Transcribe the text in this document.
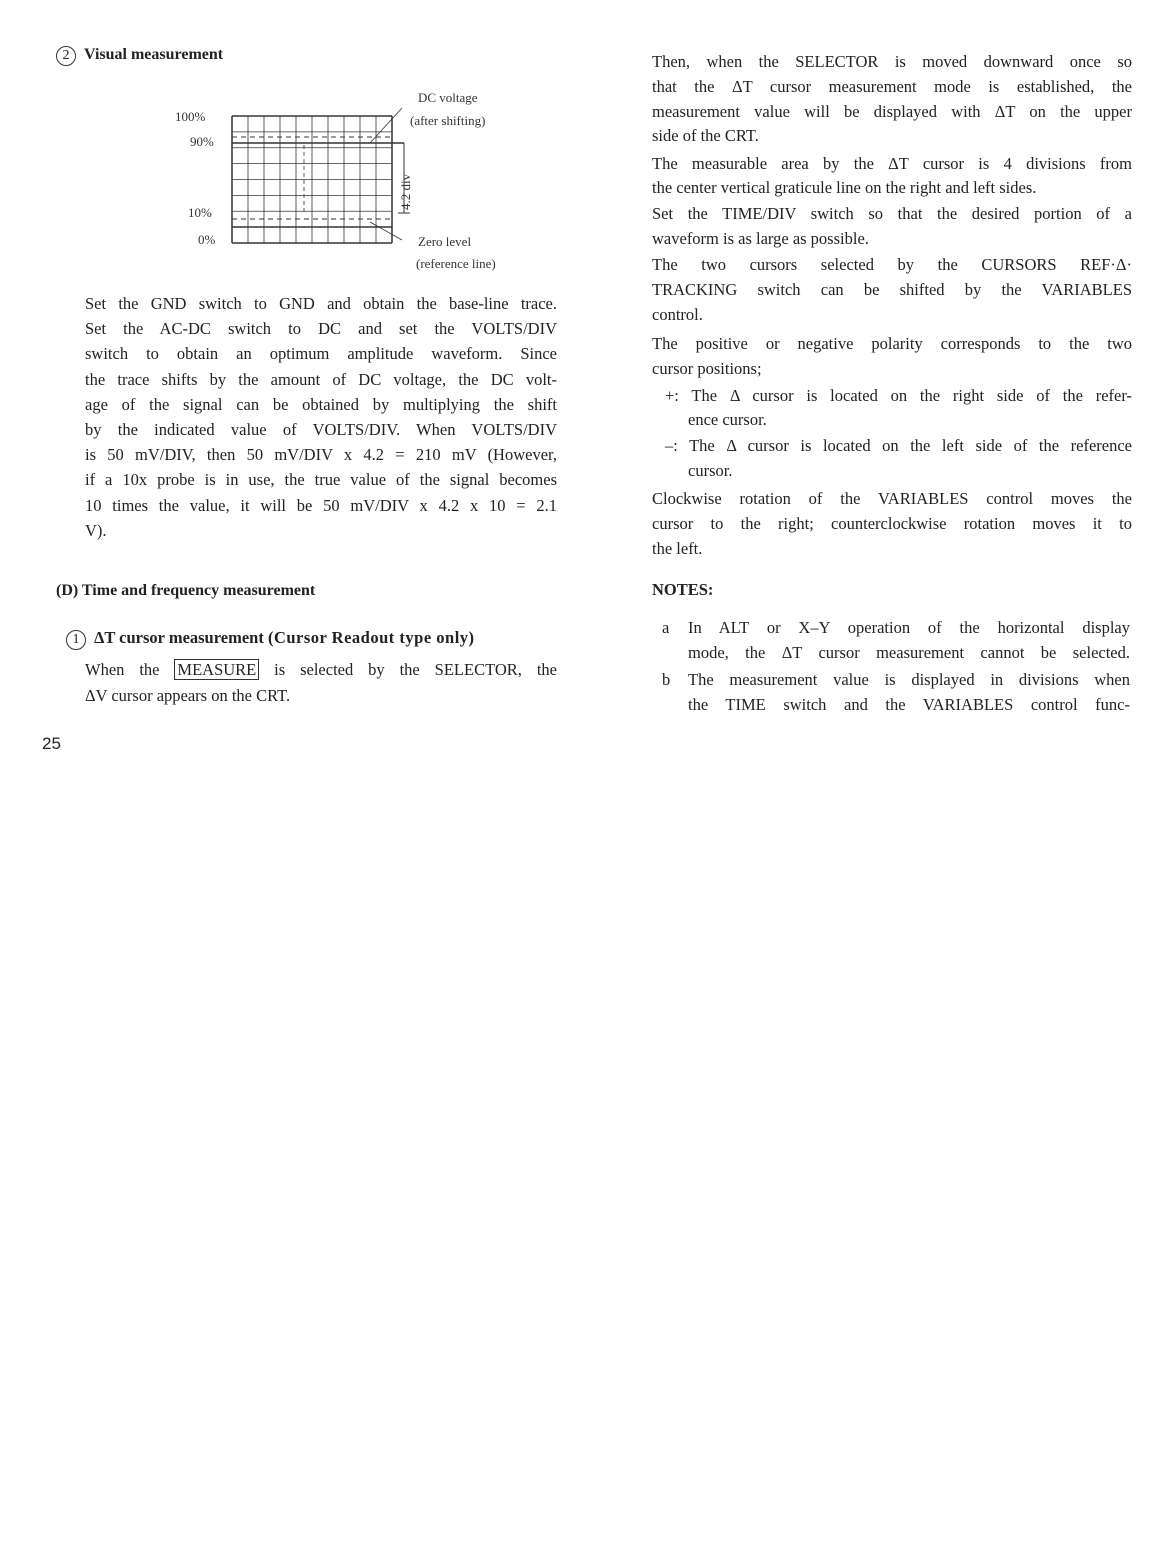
2 Visual measurement
100%
90%
10%
0%
DC voltage
(after shifting)
Zero level
(reference line)
4.2 div
Set the GND switch to GND and obtain the base-line trace.
Set the AC-DC switch to DC and set the VOLTS/DIV
switch to obtain an optimum amplitude waveform. Since
the trace shifts by the amount of DC voltage, the DC volt-
age of the signal can be obtained by multiplying the shift
by the indicated value of VOLTS/DIV. When VOLTS/DIV
is 50 mV/DIV, then 50 mV/DIV x 4.2 = 210 mV (However,
if a 10x probe is in use, the true value of the signal becomes
10 times the value, it will be 50 mV/DIV x 4.2 x 10 = 2.1
V).
(D) Time and frequency measurement
1 ΔT cursor measurement (Cursor Readout type only)
When the MEASURE is selected by the SELECTOR, the
ΔV cursor appears on the CRT.
Then, when the SELECTOR is moved downward once so
that the ΔT cursor measurement mode is established, the
measurement value will be displayed with ΔT on the upper
side of the CRT.
The measurable area by the ΔT cursor is 4 divisions from
the center vertical graticule line on the right and left sides.
Set the TIME/DIV switch so that the desired portion of a
waveform is as large as possible.
The two cursors selected by the CURSORS REF·Δ·
TRACKING switch can be shifted by the VARIABLES
control.
The positive or negative polarity corresponds to the two
cursor positions;
+: The Δ cursor is located on the right side of the refer-
ence cursor.
–: The Δ cursor is located on the left side of the reference
cursor.
Clockwise rotation of the VARIABLES control moves the
cursor to the right; counterclockwise rotation moves it to
the left.
NOTES:
a In ALT or X–Y operation of the horizontal display
mode, the ΔT cursor measurement cannot be selected.
b The measurement value is displayed in divisions when
the TIME switch and the VARIABLES control func-
25
